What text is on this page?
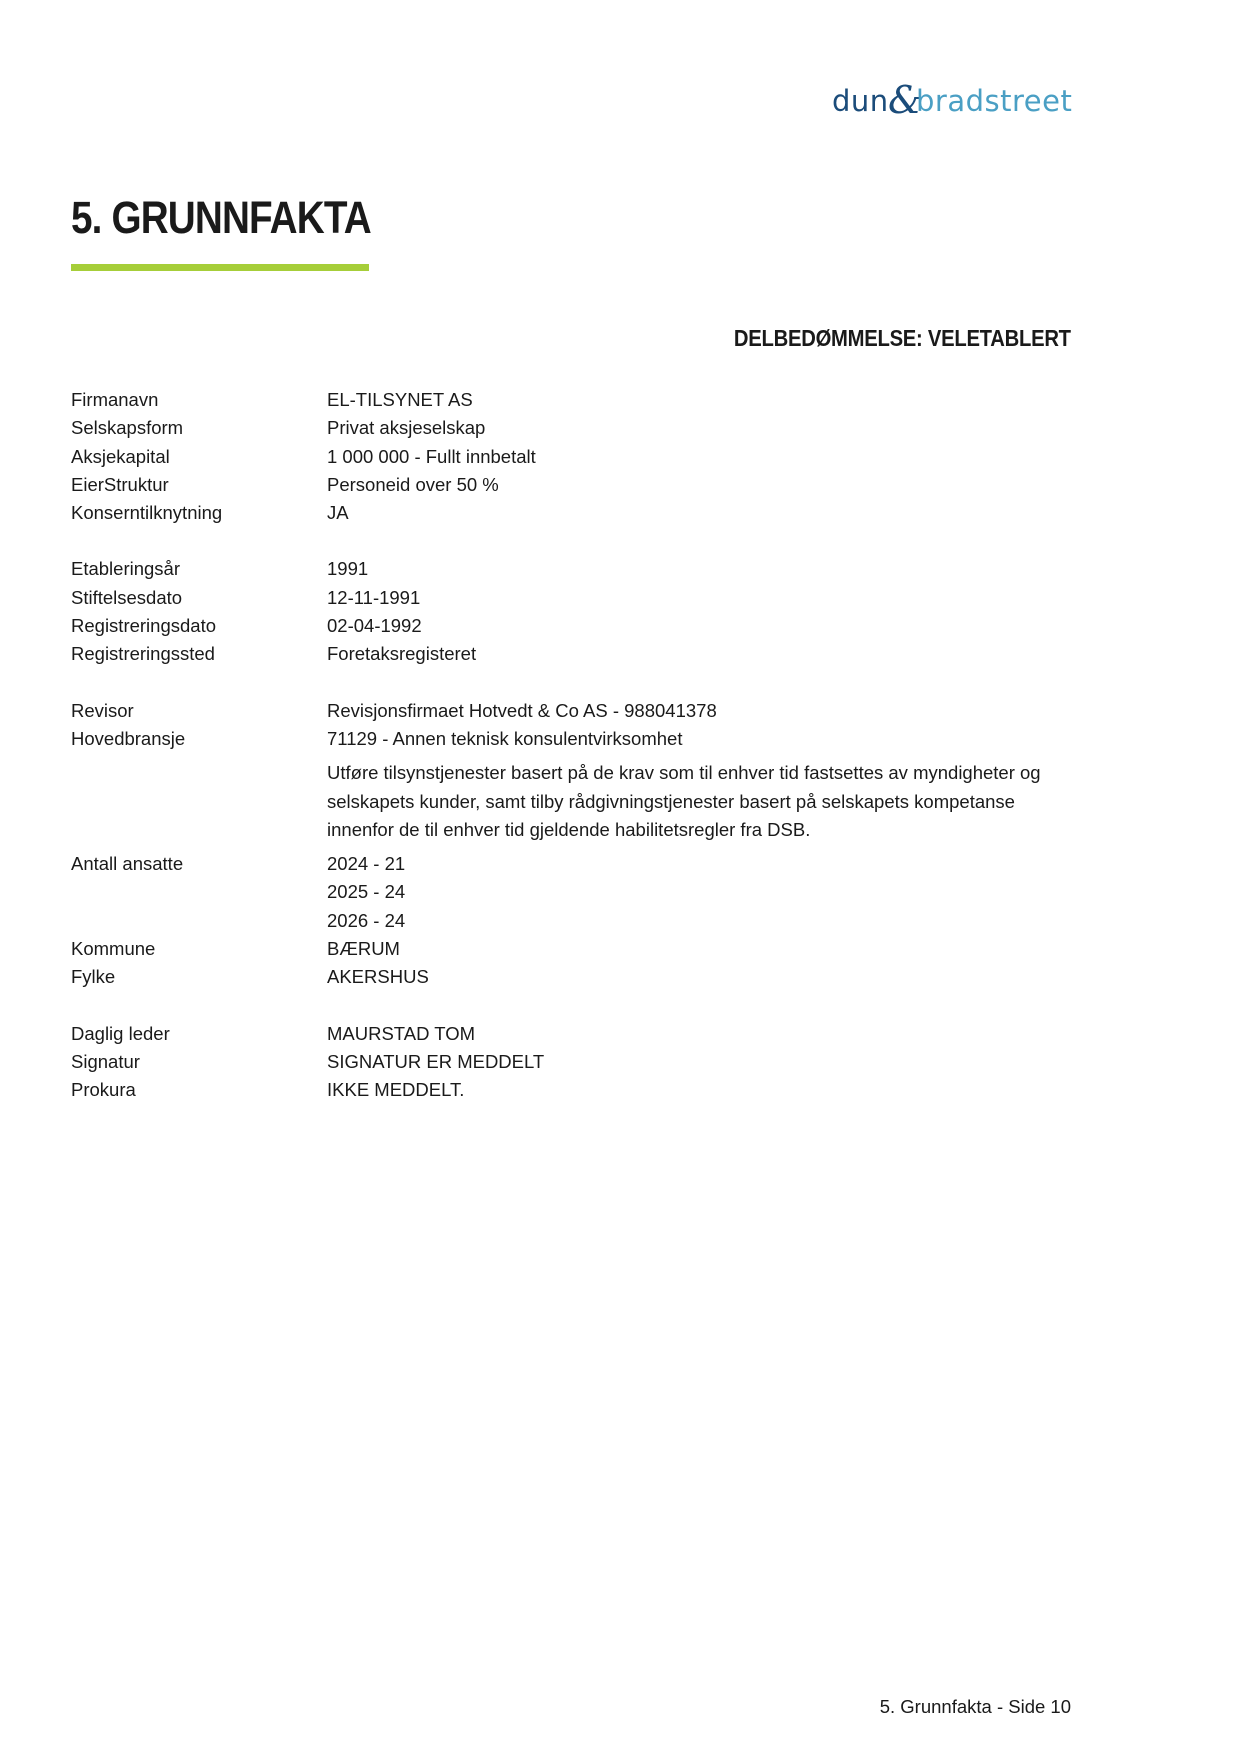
dun &
bradstreet
5. GRUNNFAKTA
DELBEDØMMELSE: VELETABLERT
Firmanavn	EL-TILSYNET AS
Selskapsform	Privat aksjeselskap
Aksjekapital	1 000 000 - Fullt innbetalt
EierStruktur	Personeid over 50 %
Konserntilknytning	JA
Etableringsår	1991
Stiftelsesdato	12-11-1991
Registreringsdato	02-04-1992
Registreringssted	Foretaksregisteret
Revisor	Revisjonsfirmaet Hotvedt & Co AS - 988041378
Hovedbransje	71129 - Annen teknisk konsulentvirksomhet
Utføre tilsynstjenester basert på de krav som til enhver tid fastsettes av myndigheter og selskapets kunder, samt tilby rådgivningstjenester basert på selskapets kompetanse innenfor de til enhver tid gjeldende habilitetsregler fra DSB.
Antall ansatte	2024 - 21
2025 - 24
2026 - 24
Kommune	BÆRUM
Fylke	AKERSHUS
Daglig leder	MAURSTAD TOM
Signatur	SIGNATUR ER MEDDELT
Prokura	IKKE MEDDELT.
5. Grunnfakta - Side 10
